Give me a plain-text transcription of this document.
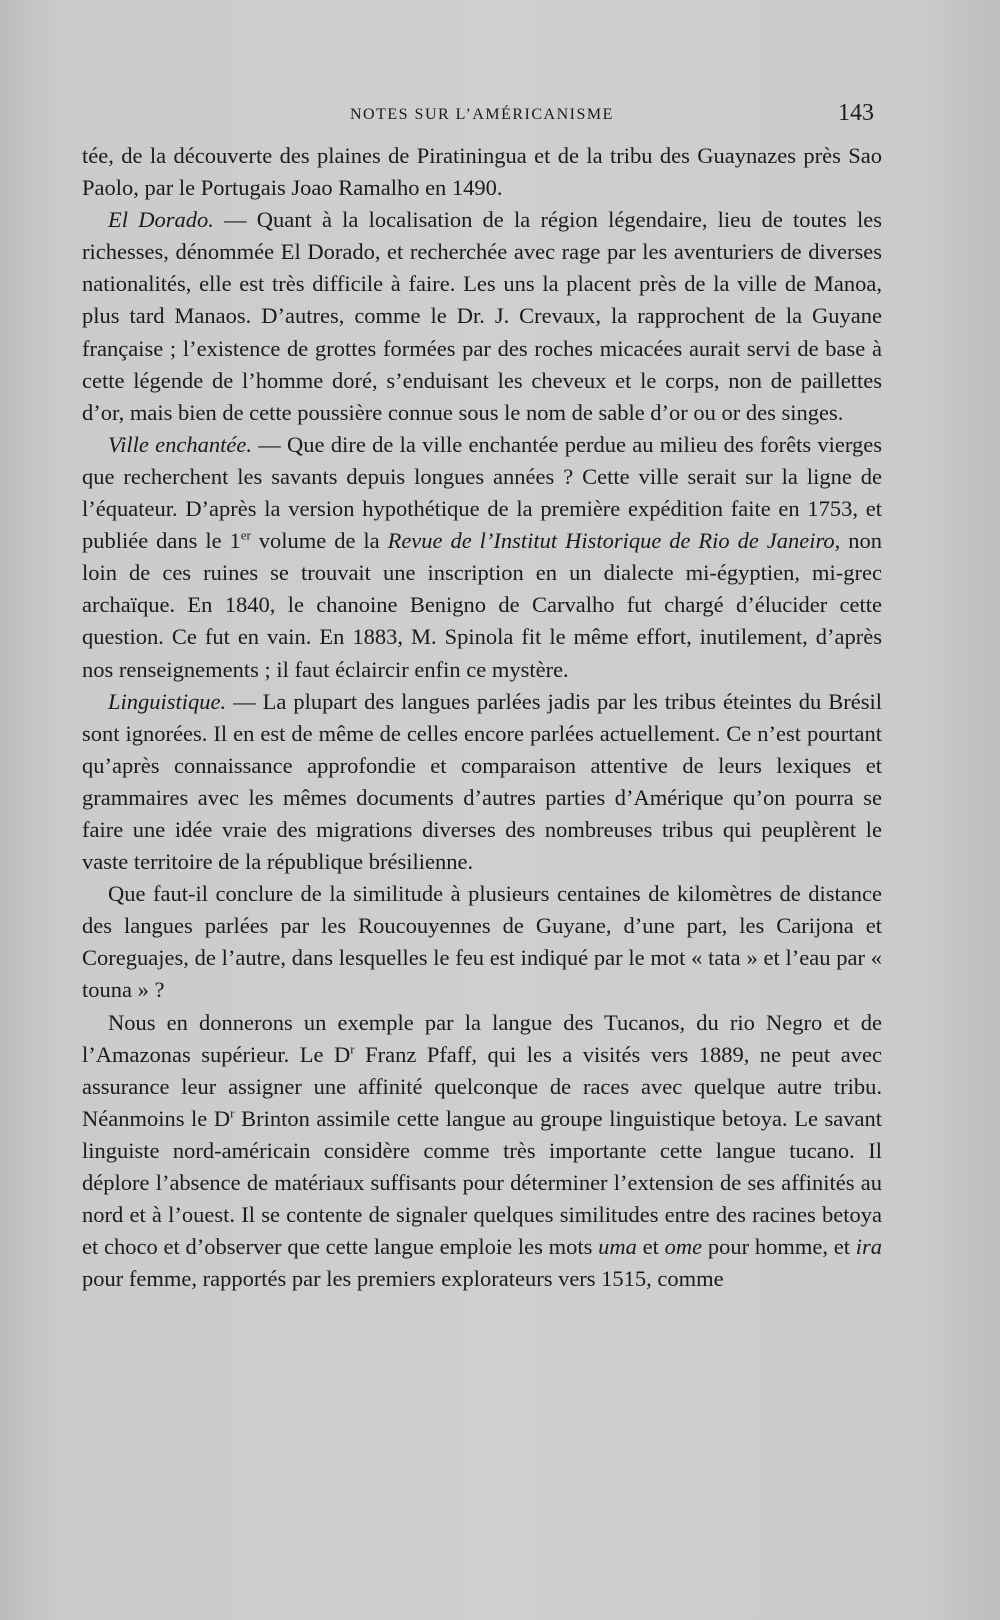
NOTES SUR L’AMÉRICANISME	143

tée, de la découverte des plaines de Piratiningua et de la tribu des Guaynazes près Sao Paolo, par le Portugais Joao Ramalho en 1490.

El Dorado. — Quant à la localisation de la région légendaire, lieu de toutes les richesses, dénommée El Dorado, et recherchée avec rage par les aventuriers de diverses nationalités, elle est très difficile à faire. Les uns la placent près de la ville de Manoa, plus tard Manaos. D’autres, comme le Dr. J. Crevaux, la rapprochent de la Guyane française ; l’existence de grottes formées par des roches micacées aurait servi de base à cette légende de l’homme doré, s’enduisant les cheveux et le corps, non de paillettes d’or, mais bien de cette poussière connue sous le nom de sable d’or ou or des singes.

Ville enchantée. — Que dire de la ville enchantée perdue au milieu des forêts vierges que recherchent les savants depuis longues années ? Cette ville serait sur la ligne de l’équateur. D’après la version hypothétique de la première expédition faite en 1753, et publiée dans le 1er volume de la Revue de l’Institut Historique de Rio de Janeiro, non loin de ces ruines se trouvait une inscription en un dialecte mi-égyptien, mi-grec archaïque. En 1840, le chanoine Benigno de Carvalho fut chargé d’élucider cette question. Ce fut en vain. En 1883, M. Spinola fit le même effort, inutilement, d’après nos renseignements ; il faut éclaircir enfin ce mystère.

Linguistique. — La plupart des langues parlées jadis par les tribus éteintes du Brésil sont ignorées. Il en est de même de celles encore parlées actuellement. Ce n’est pourtant qu’après connaissance approfondie et comparaison attentive de leurs lexiques et grammaires avec les mêmes documents d’autres parties d’Amérique qu’on pourra se faire une idée vraie des migrations diverses des nombreuses tribus qui peuplèrent le vaste territoire de la république brésilienne.

Que faut-il conclure de la similitude à plusieurs centaines de kilomètres de distance des langues parlées par les Roucouyennes de Guyane, d’une part, les Carijona et Coreguajes, de l’autre, dans lesquelles le feu est indiqué par le mot « tata » et l’eau par « touna » ?

Nous en donnerons un exemple par la langue des Tucanos, du rio Negro et de l’Amazonas supérieur. Le $D^r$ Franz Pfaff, qui les a visités vers 1889, ne peut avec assurance leur assigner une affinité quelconque de races avec quelque autre tribu. Néanmoins le $D^r$ Brinton assimile cette langue au groupe linguistique betoya. Le savant linguiste nord-américain considère comme très importante cette langue tucano. Il déplore l’absence de matériaux suffisants pour déterminer l’extension de ses affinités au nord et à l’ouest. Il se contente de signaler quelques similitudes entre des racines betoya et choco et d’observer que cette langue emploie les mots uma et ome pour homme, et ira pour femme, rapportés par les premiers explorateurs vers 1515, comme
